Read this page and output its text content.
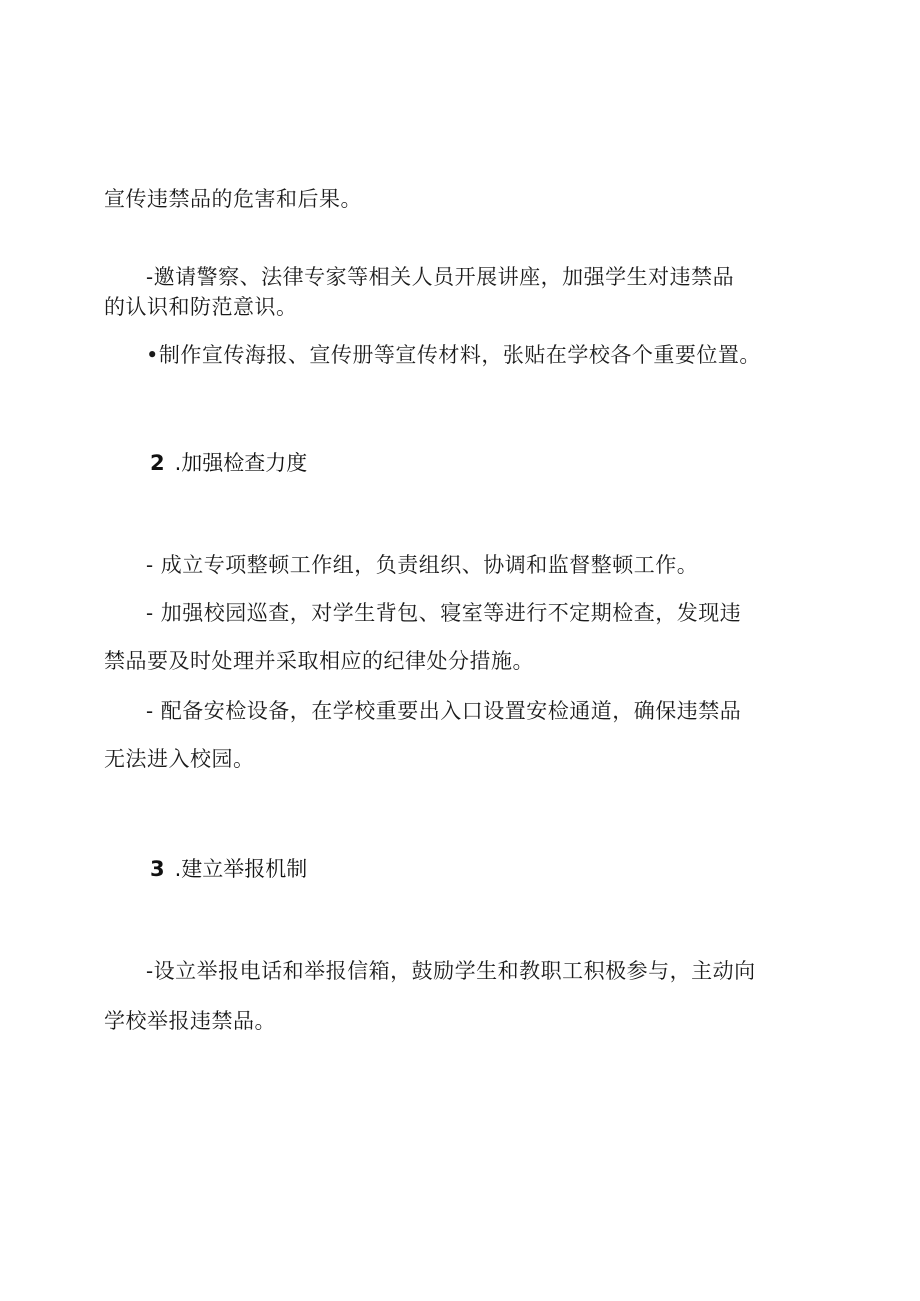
宣传违禁品的危害和后果。
-邀请警察、法律专家等相关人员开展讲座，加强学生对违禁品
的认识和防范意识。
•制作宣传海报、宣传册等宣传材料，张贴在学校各个重要位置。
2 .加强检查力度
- 成立专项整顿工作组，负责组织、协调和监督整顿工作。
- 加强校园巡查，对学生背包、寝室等进行不定期检查，发现违
禁品要及时处理并采取相应的纪律处分措施。
- 配备安检设备，在学校重要出入口设置安检通道，确保违禁品
无法进入校园。
3 .建立举报机制
-设立举报电话和举报信箱，鼓励学生和教职工积极参与，主动向
学校举报违禁品。
